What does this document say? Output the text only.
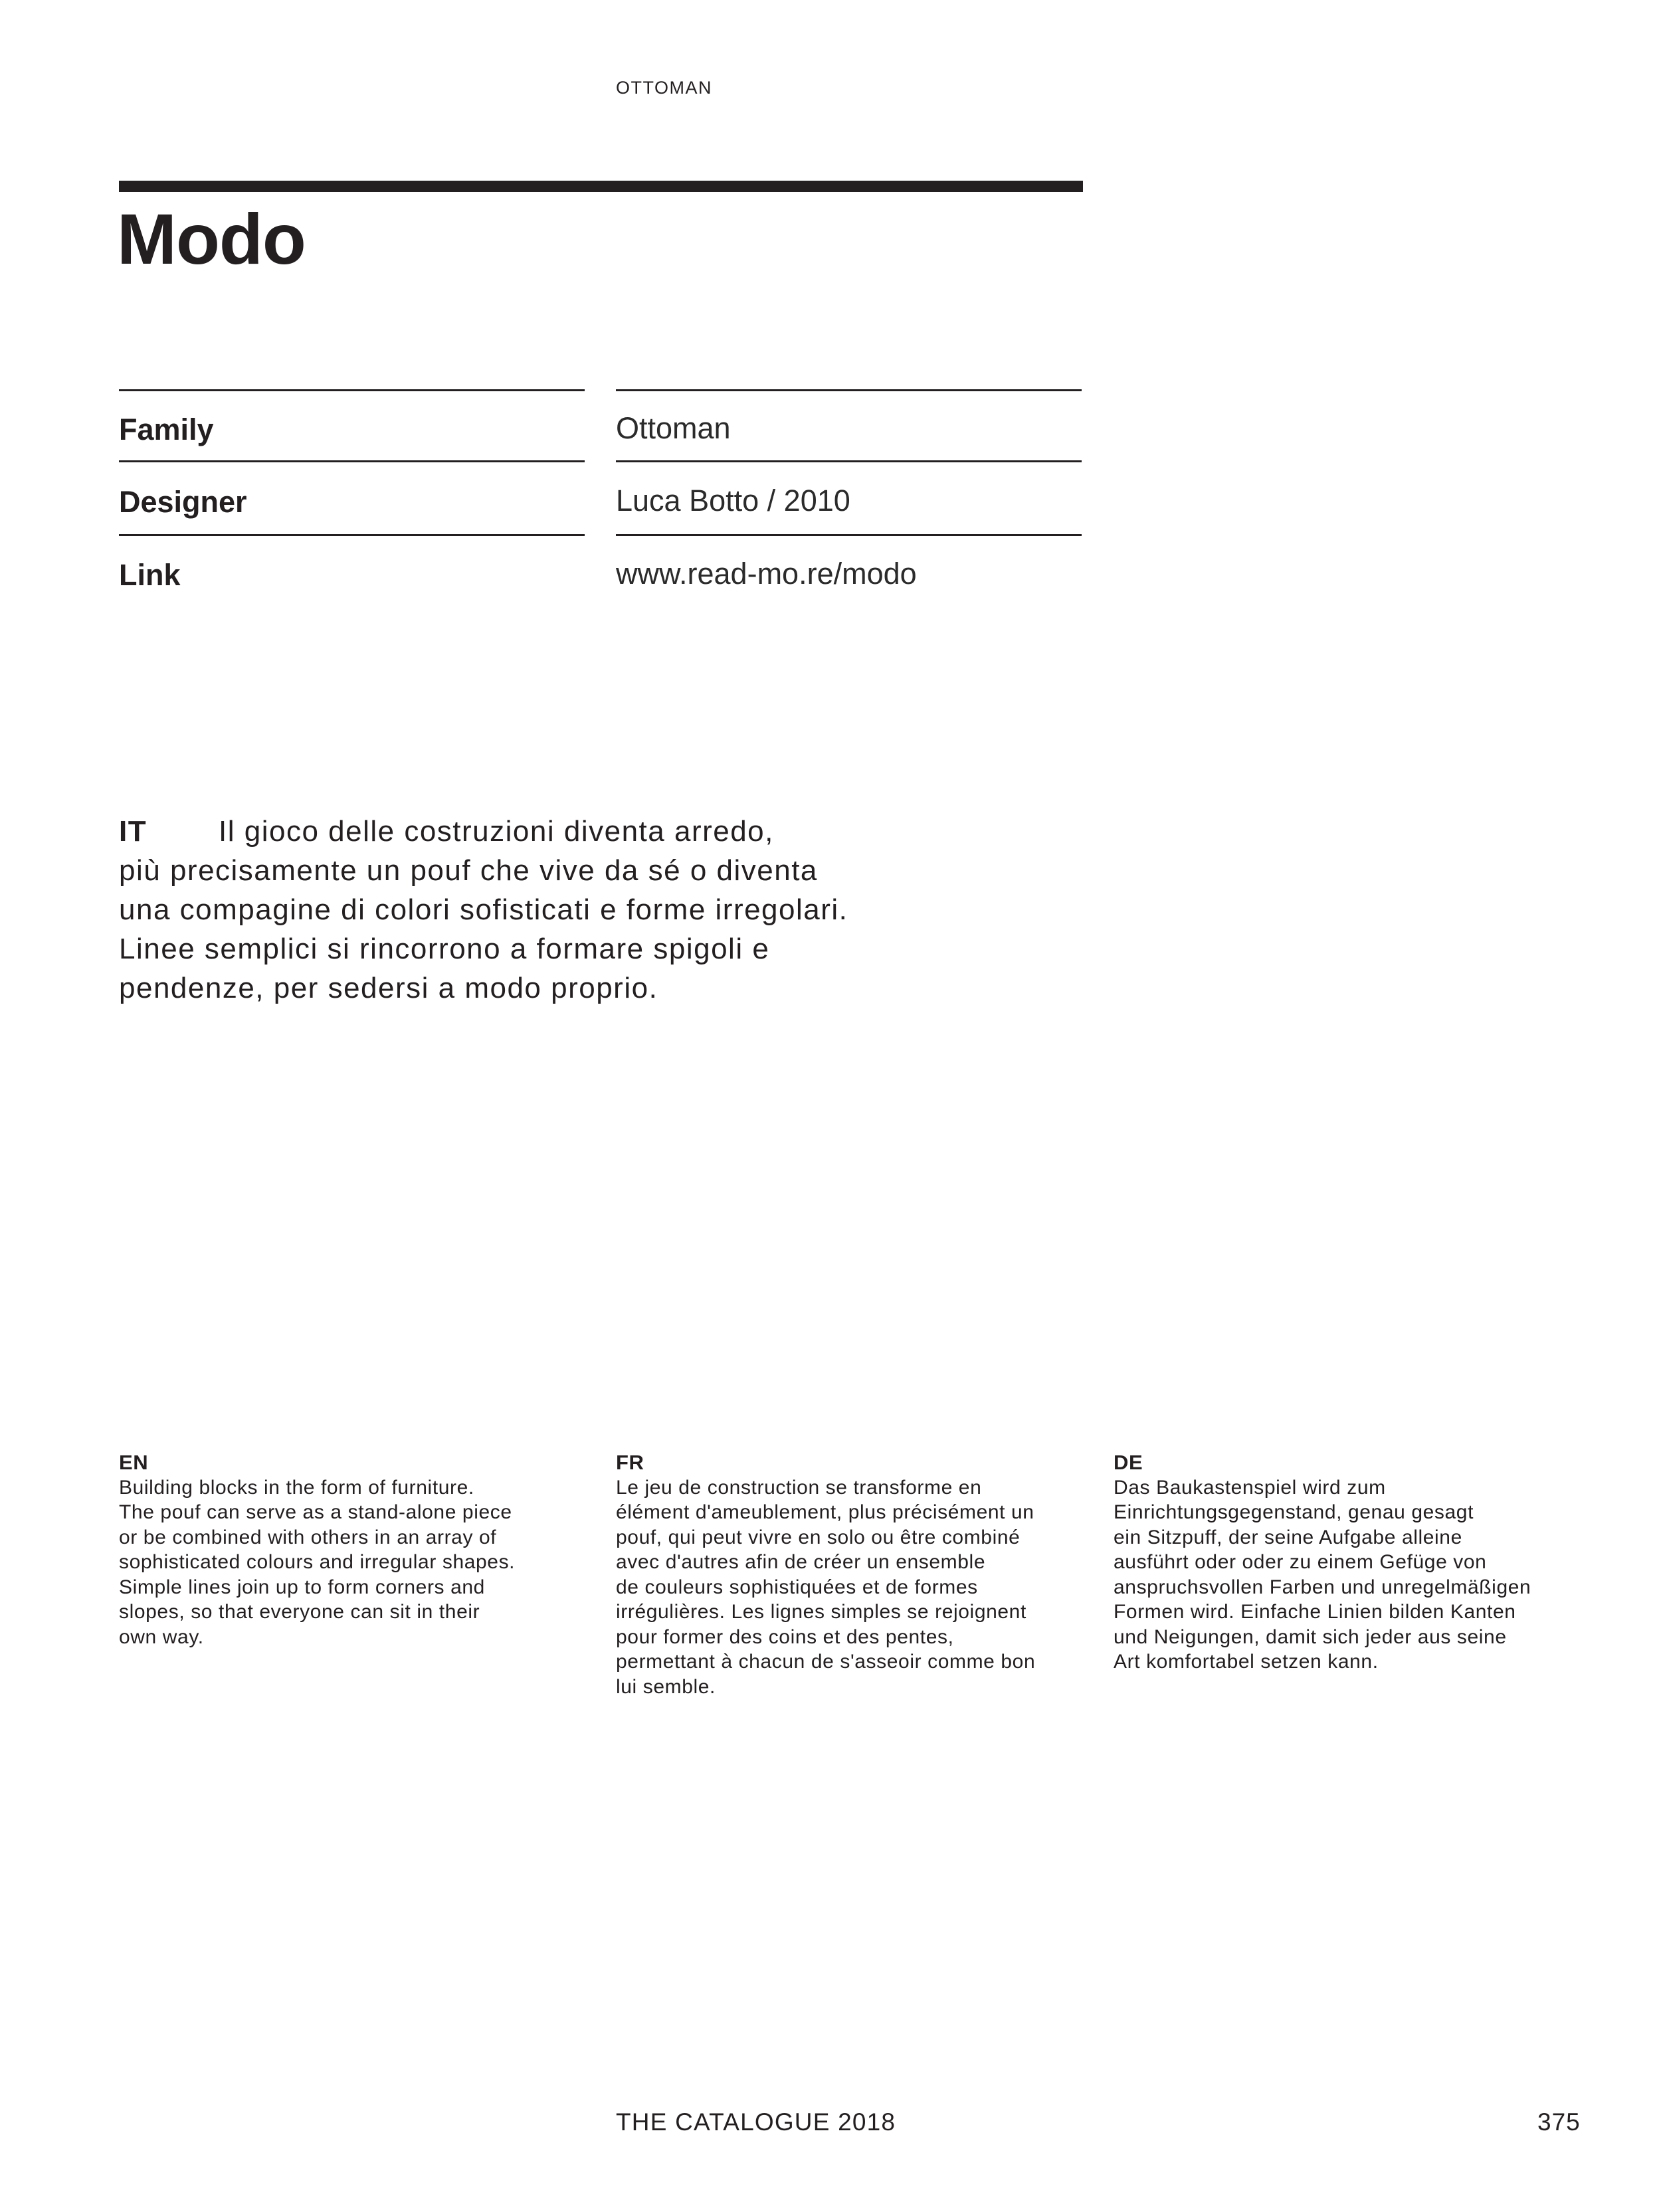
OTTOMAN
Modo
Family	Ottoman
Designer	Luca Botto / 2010
Link	www.read-mo.re/modo

IT Il gioco delle costruzioni diventa arredo,

più precisamente un pouf che vive da sé o diventa

una compagine di colori sofisticati e forme irregolari.

Linee semplici si rincorrono a formare spigoli e

pendenze, per sedersi a modo proprio.

EN

Building blocks in the form of furniture.

The pouf can serve as a stand-alone piece

or be combined with others in an array of

sophisticated colours and irregular shapes.

Simple lines join up to form corners and

slopes, so that everyone can sit in their

own way.

FR

Le jeu de construction se transforme en

élément d'ameublement, plus précisément un

pouf, qui peut vivre en solo ou être combiné

avec d'autres afin de créer un ensemble

de couleurs sophistiquées et de formes

irrégulières. Les lignes simples se rejoignent

pour former des coins et des pentes,

permettant à chacun de s'asseoir comme bon

lui semble.

DE

Das Baukastenspiel wird zum

Einrichtungsgegenstand, genau gesagt

ein Sitzpuff, der seine Aufgabe alleine

ausführt oder oder zu einem Gefüge von

anspruchsvollen Farben und unregelmäßigen

Formen wird. Einfache Linien bilden Kanten

und Neigungen, damit sich jeder aus seine

Art komfortabel setzen kann.

THE CATALOGUE 2018	375
